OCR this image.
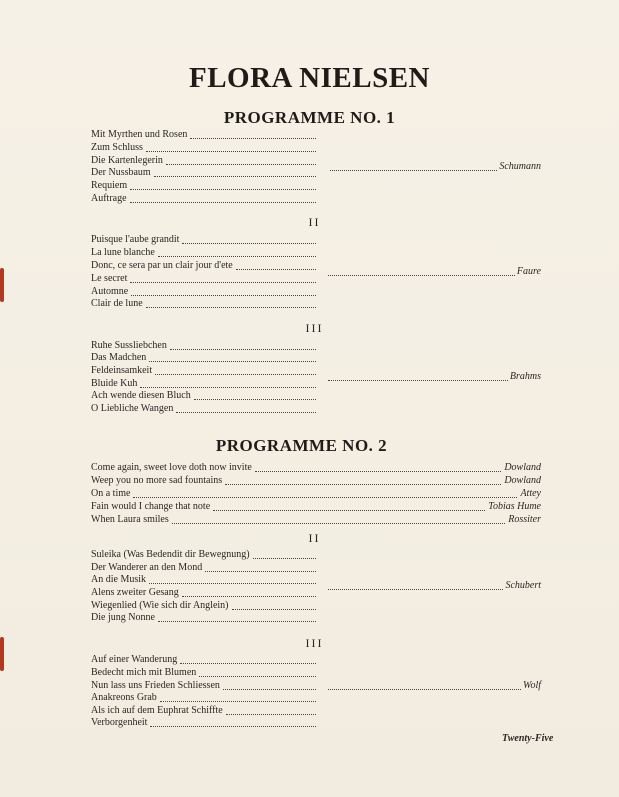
FLORA NIELSEN
PROGRAMME NO. 1
Mit Myrthen und Rosen
Zum Schluss
Die Kartenlegerin
Der Nussbaum
Requiem
Auftrage
Schumann
II
Puisque l'aube grandit
La lune blanche
Donc, ce sera par un clair jour d'ete
Le secret
Automne
Clair de lune
Faure
III
Ruhe Sussliebchen
Das Madchen
Feldeinsamkeit
Bluide Kuh
Ach wende diesen Bluch
O Liebliche Wangen
Brahms
PROGRAMME NO. 2
Come again, sweet love doth now invite	Dowland
Weep you no more sad fountains	Dowland
On a time	Attey
Fain would I change that note	Tobias Hume
When Laura smiles	Rossiter
II
Suleika (Was Bedendit dir Bewegnung)
Der Wanderer an den Mond
An die Musik
Alens zweiter Gesang
Wiegenlied (Wie sich dir Anglein)
Die jung Nonne
Schubert
III
Auf einer Wanderung
Bedecht mich mit Blumen
Nun lass uns Frieden Schliessen
Anakreons Grab
Als ich auf dem Euphrat Schiffte
Verborgenheit
Wolf
Twenty-Five
